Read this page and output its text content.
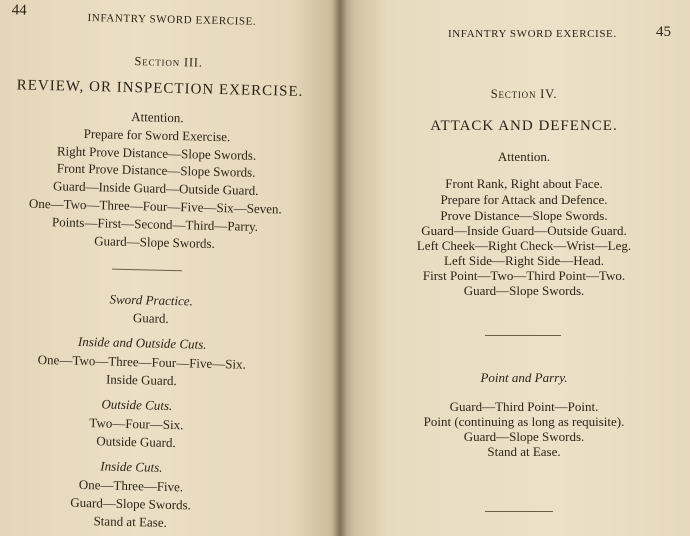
44
INFANTRY SWORD EXERCISE.
Section III.
REVIEW, OR INSPECTION EXERCISE.
Attention.
Prepare for Sword Exercise.
Right Prove Distance—Slope Swords.
Front Prove Distance—Slope Swords.
Guard—Inside Guard—Outside Guard.
One—Two—Three—Four—Five—Six—Seven.
Points—First—Second—Third—Parry.
Guard—Slope Swords.
Sword Practice.
Guard.
Inside and Outside Cuts.
One—Two—Three—Four—Five—Six.
Inside Guard.
Outside Cuts.
Two—Four—Six.
Outside Guard.
Inside Cuts.
One—Three—Five.
Guard—Slope Swords.
Stand at Ease.
INFANTRY SWORD EXERCISE.	45
Section IV.
ATTACK AND DEFENCE.
Attention.
Front Rank, Right about Face.
Prepare for Attack and Defence.
Prove Distance—Slope Swords.
Guard—Inside Guard—Outside Guard.
Left Cheek—Right Check—Wrist—Leg.
Left Side—Right Side—Head.
First Point—Two—Third Point—Two.
Guard—Slope Swords.
Point and Parry.
Guard—Third Point—Point.
Point (continuing as long as requisite).
Guard—Slope Swords.
Stand at Ease.
